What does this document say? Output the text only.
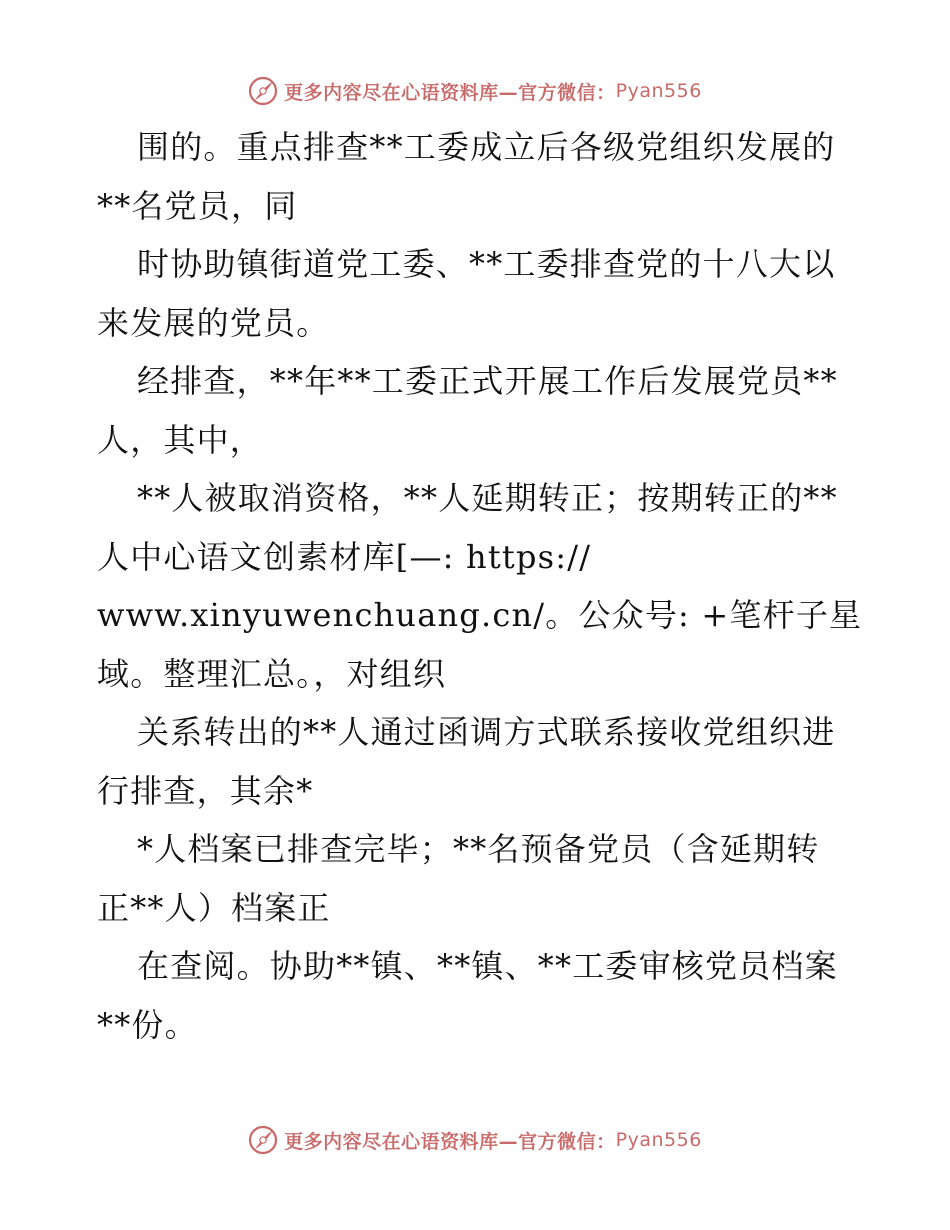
更多内容尽在心语资料库—官方微信： Pyan556

围的。重点排查**工委成立后各级党组织发展的

**名党员，同

时协助镇街道党工委、**工委排查党的十八大以

来发展的党员。

经排查，**年**工委正式开展工作后发展党员**

人，其中，

**人被取消资格，**人延期转正；按期转正的**

人中心语文创素材库[—: https://

www.xinyuwenchuang.cn/。公众号: +笔杆子星

域。整理汇总。，对组织

关系转出的**人通过函调方式联系接收党组织进

行排查，其余*

*人档案已排查完毕；**名预备党员（含延期转

正**人）档案正

在查阅。协助**镇、**镇、**工委审核党员档案

**份。

更多内容尽在心语资料库—官方微信： Pyan556
